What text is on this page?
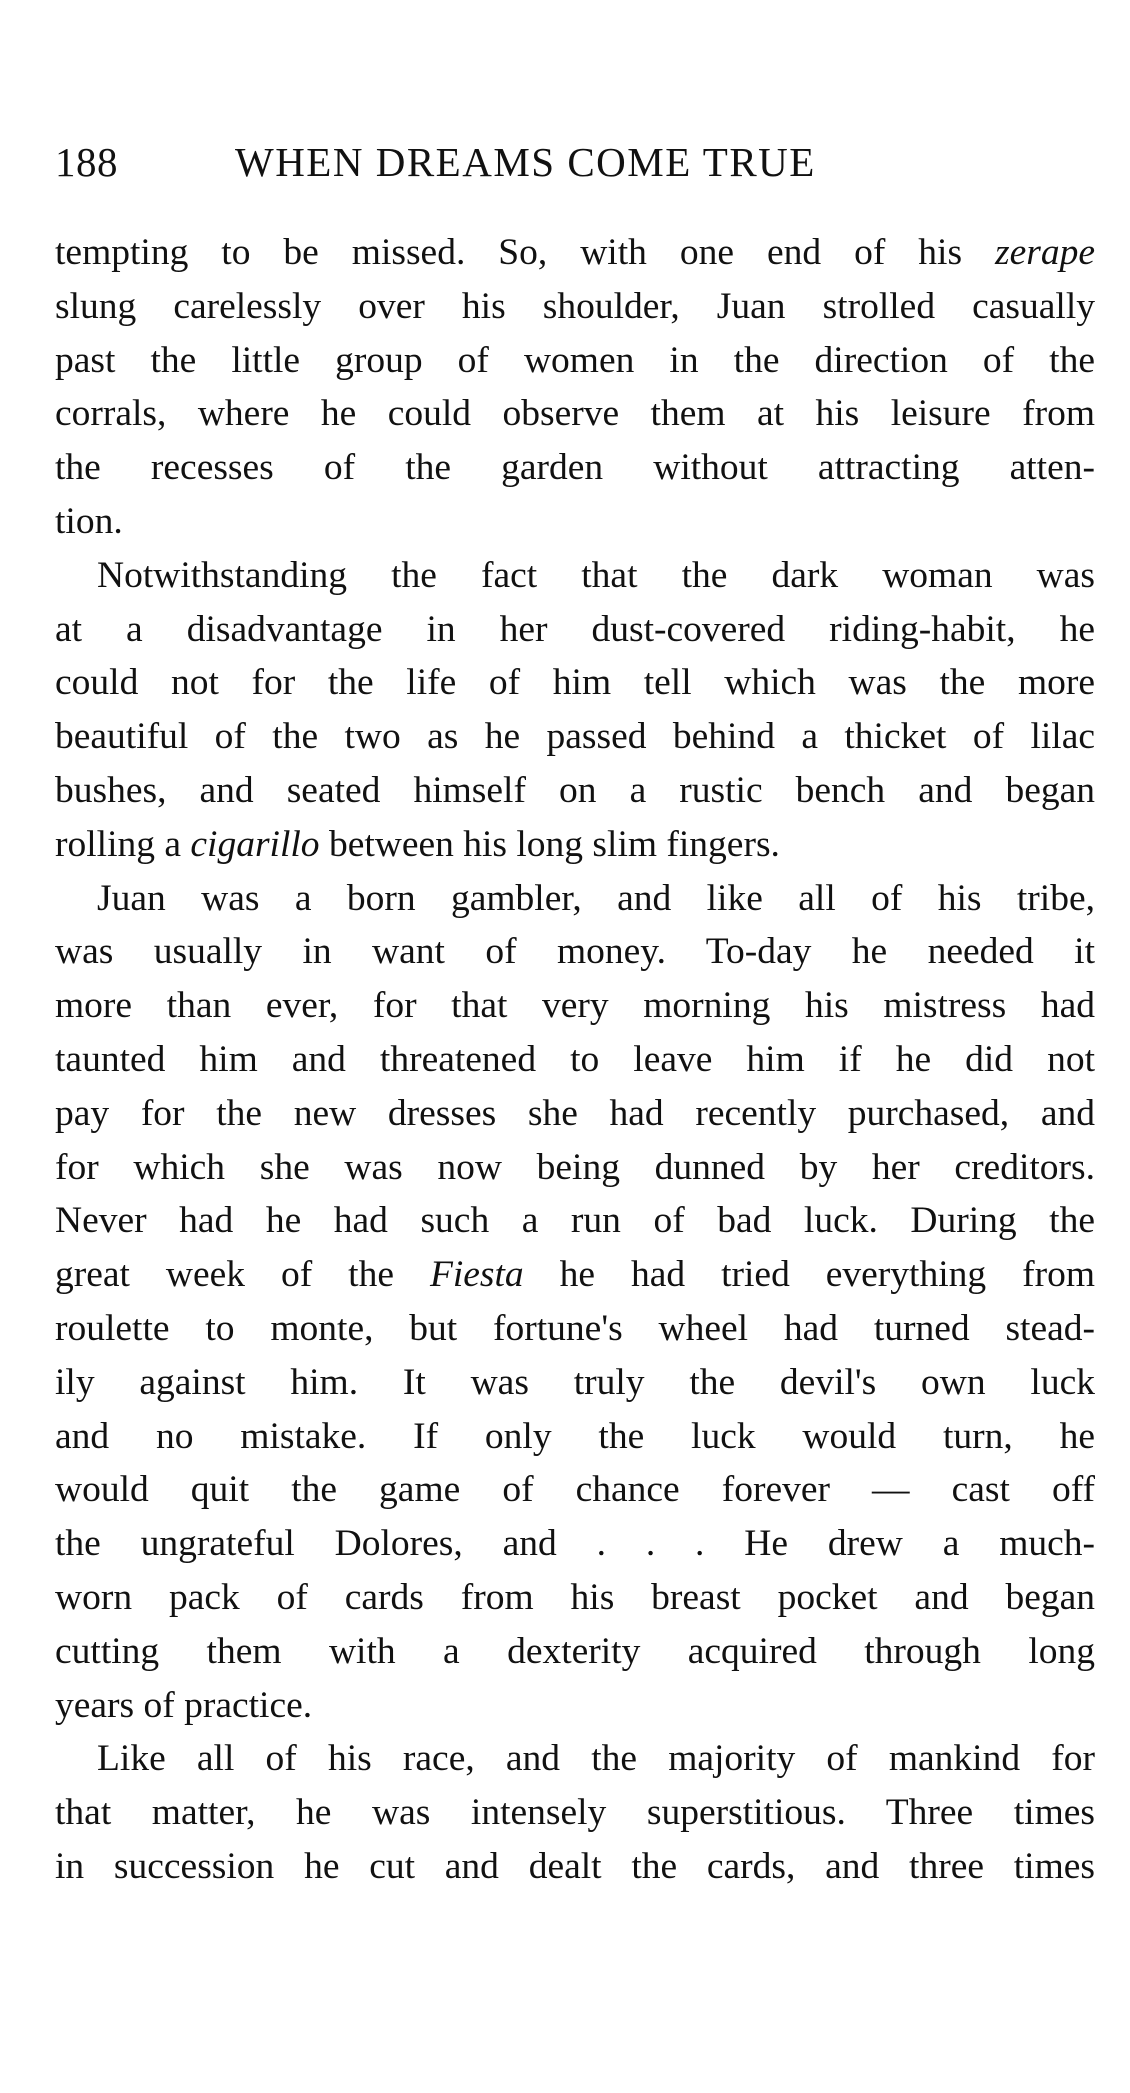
188	WHEN DREAMS COME TRUE
tempting to be missed. So, with one end of his zerape
slung carelessly over his shoulder, Juan strolled casually
past the little group of women in the direction of the
corrals, where he could observe them at his leisure from
the recesses of the garden without attracting atten-
tion.
Notwithstanding the fact that the dark woman was
at a disadvantage in her dust-covered riding-habit, he
could not for the life of him tell which was the more
beautiful of the two as he passed behind a thicket of lilac
bushes, and seated himself on a rustic bench and began
rolling a cigarillo between his long slim fingers.
Juan was a born gambler, and like all of his tribe,
was usually in want of money. To-day he needed it
more than ever, for that very morning his mistress had
taunted him and threatened to leave him if he did not
pay for the new dresses she had recently purchased, and
for which she was now being dunned by her creditors.
Never had he had such a run of bad luck. During the
great week of the Fiesta he had tried everything from
roulette to monte, but fortune's wheel had turned stead-
ily against him. It was truly the devil's own luck
and no mistake. If only the luck would turn, he
would quit the game of chance forever — cast off
the ungrateful Dolores, and . . . He drew a much-
worn pack of cards from his breast pocket and began
cutting them with a dexterity acquired through long
years of practice.
Like all of his race, and the majority of mankind for
that matter, he was intensely superstitious. Three times
in succession he cut and dealt the cards, and three times
